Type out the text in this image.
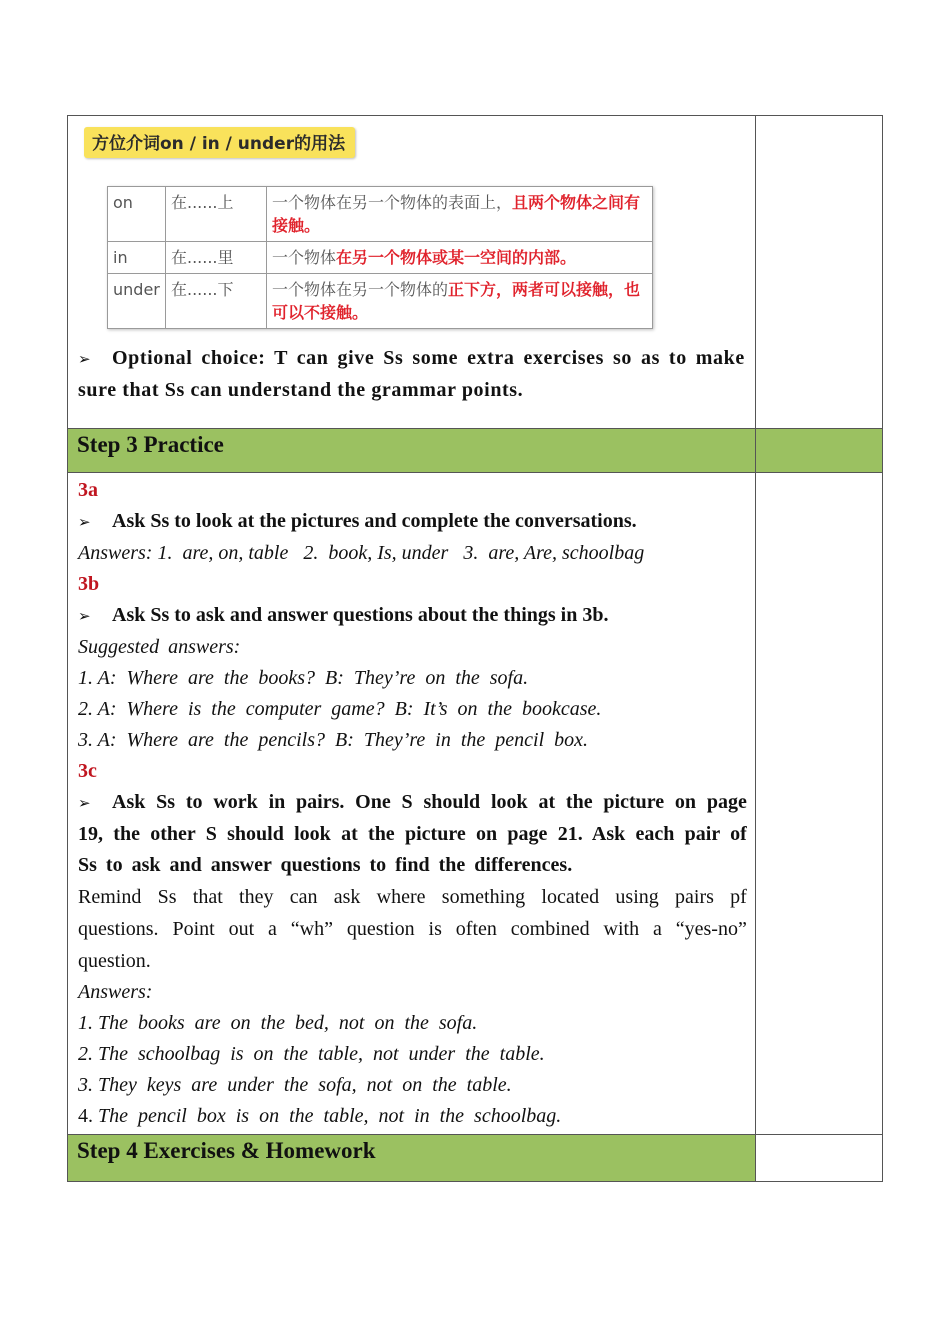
方位介词on / in / under的用法
on	在......上	一个物体在另一个物体的表面上，且两个物体之间有接触。
in	在......里	一个物体在另一个物体或某一空间的内部。
under	在......下	一个物体在另一个物体的正下方，两者可以接触，也可以不接触。
➢ Optional choice: T can give Ss some extra exercises so as to make sure that Ss can understand the grammar points.

Step 3 Practice

3a

➢ Ask Ss to look at the pictures and complete the conversations.

Answers: 1.  are, on, table   2.  book, Is, under   3.  are, Are, schoolbag

3b

➢ Ask Ss to ask and answer questions about the things in 3b.

Suggested answers:

1. A:  Where  are  the  books?  B:  They’re  on  the  sofa.

2. A:  Where  is  the  computer  game?  B:  It’s  on  the  bookcase.

3. A:  Where  are  the  pencils?  B:  They’re  in  the  pencil  box.

3c

➢ Ask Ss to work in pairs. One S should look at the picture on page 19, the other S should look at the picture on page 21. Ask each pair of Ss to ask and answer questions to find the differences.

Remind Ss that they can ask where something located using pairs pf questions. Point out a “wh” question is often combined with a “yes-no” question.

Answers:

1. The  books  are  on  the  bed,  not  on  the  sofa.

2. The  schoolbag  is  on  the  table,  not  under  the  table.

3. They  keys  are  under  the  sofa,  not  on  the  table.

4. The  pencil  box  is  on  the  table,  not  in  the  schoolbag.

Step 4 Exercises & Homework
